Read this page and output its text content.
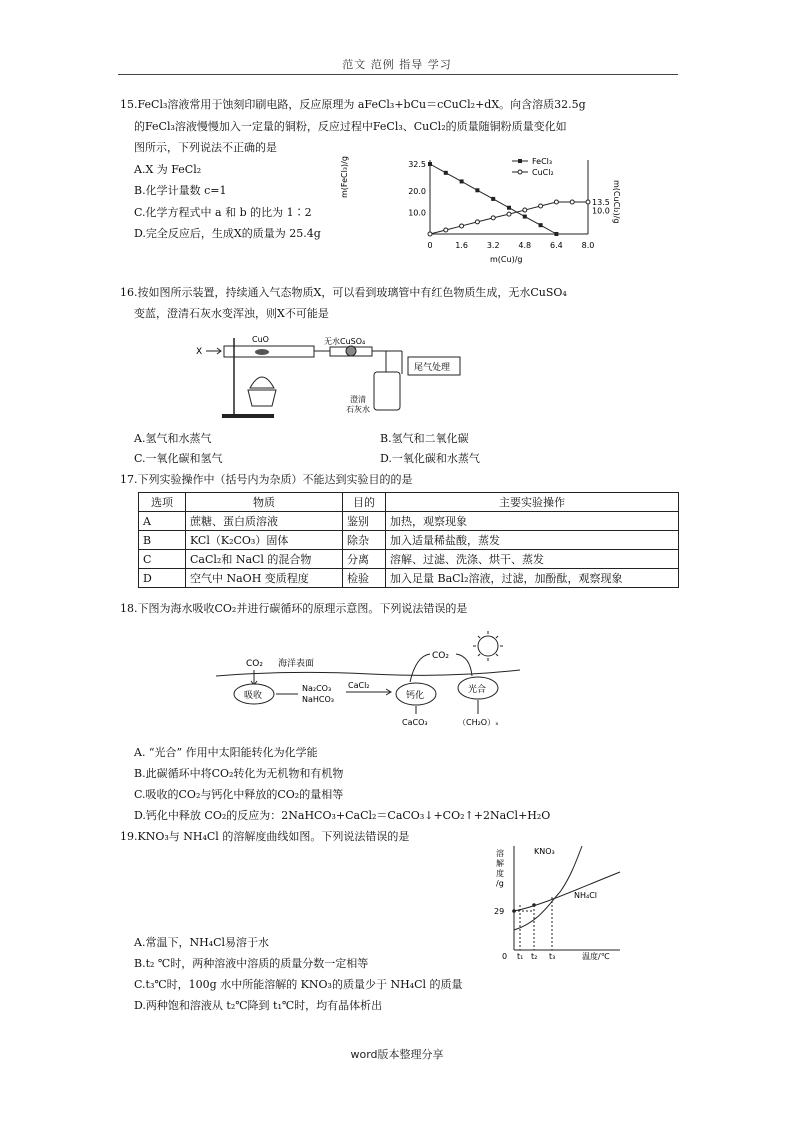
范文 范例 指导 学习
15.FeCl₃溶液常用于蚀刻印刷电路，反应原理为 aFeCl₃+bCu＝cCuCl₂+dX。向含溶质32.5g
的FeCl₃溶液慢慢加入一定量的铜粉，反应过程中FeCl₃、CuCl₂的质量随铜粉质量变化如
图所示，下列说法不正确的是
A.X 为 FeCl₂
B.化学计量数 c=1
C.化学方程式中 a 和 b 的比为 1∶2
D.完全反应后，生成X的质量为 25.4g
0	1.6 3.2 4.8 6.4 8.0
32.5
20.0
10.0
13.5
10.0
m(FeCl₃)/g
m(CuCl₂)/g
m(Cu)/g
FeCl₃
CuCl₂
16.按如图所示装置，持续通入气态物质X，可以看到玻璃管中有红色物质生成，无水CuSO₄
变蓝，澄清石灰水变浑浊，则X不可能是
X
CuO	无水CuSO₄
澄清
石灰水
尾气处理
A.氢气和水蒸气	B.氢气和二氧化碳
C.一氧化碳和氢气	D.一氧化碳和水蒸气
17.下列实验操作中（括号内为杂质）不能达到实验目的的是
选项	物质	目的	主要实验操作
A	蔗糖、蛋白质溶液	鉴别	加热，观察现象
B	KCl（K₂CO₃）固体	除杂	加入适量稀盐酸，蒸发
C	CaCl₂和 NaCl 的混合物	分离	溶解、过滤、洗涤、烘干、蒸发
D	空气中 NaOH 变质程度	检验	加入足量 BaCl₂溶液，过滤，加酚酞，观察现象
18.下图为海水吸收CO₂并进行碳循环的原理示意图。下列说法错误的是
CO₂ 海洋表面
CO₂
吸收
Na₂CO₃
NaHCO₃
CaCl₂
钙化
光合
CaCO₃	（CH₂O）ₓ
A. “光合” 作用中太阳能转化为化学能
B.此碳循环中将CO₂转化为无机物和有机物
C.吸收的CO₂与钙化中释放的CO₂的量相等
D.钙化中释放 CO₂的反应为：2NaHCO₃+CaCl₂＝CaCO₃↓+CO₂↑+2NaCl+H₂O
19.KNO₃与 NH₄Cl 的溶解度曲线如图。下列说法错误的是
溶
解
度
/g
29
KNO₃
NH₄Cl
0 t₁ t₂ t₃	温度/℃
A.常温下，NH₄Cl易溶于水
B.t₂ ℃时，两种溶液中溶质的质量分数一定相等
C.t₃℃时，100g 水中所能溶解的 KNO₃的质量少于 NH₄Cl 的质量
D.两种饱和溶液从 t₂℃降到 t₁℃时，均有晶体析出
word版本整理分享
